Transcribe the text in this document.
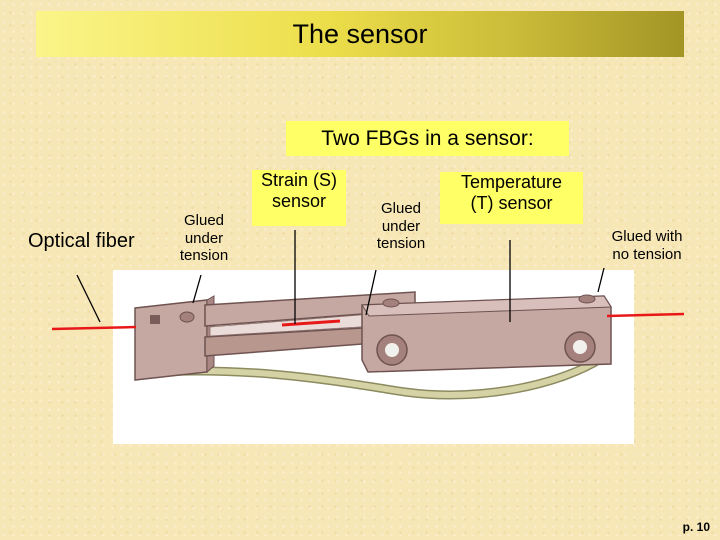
The sensor
Two FBGs in a sensor:
Optical fiber
Glued
under
tension
Strain (S)
sensor	Glued
under
tension
Temperature
(T) sensor
Glued with
no tension
p. 10
